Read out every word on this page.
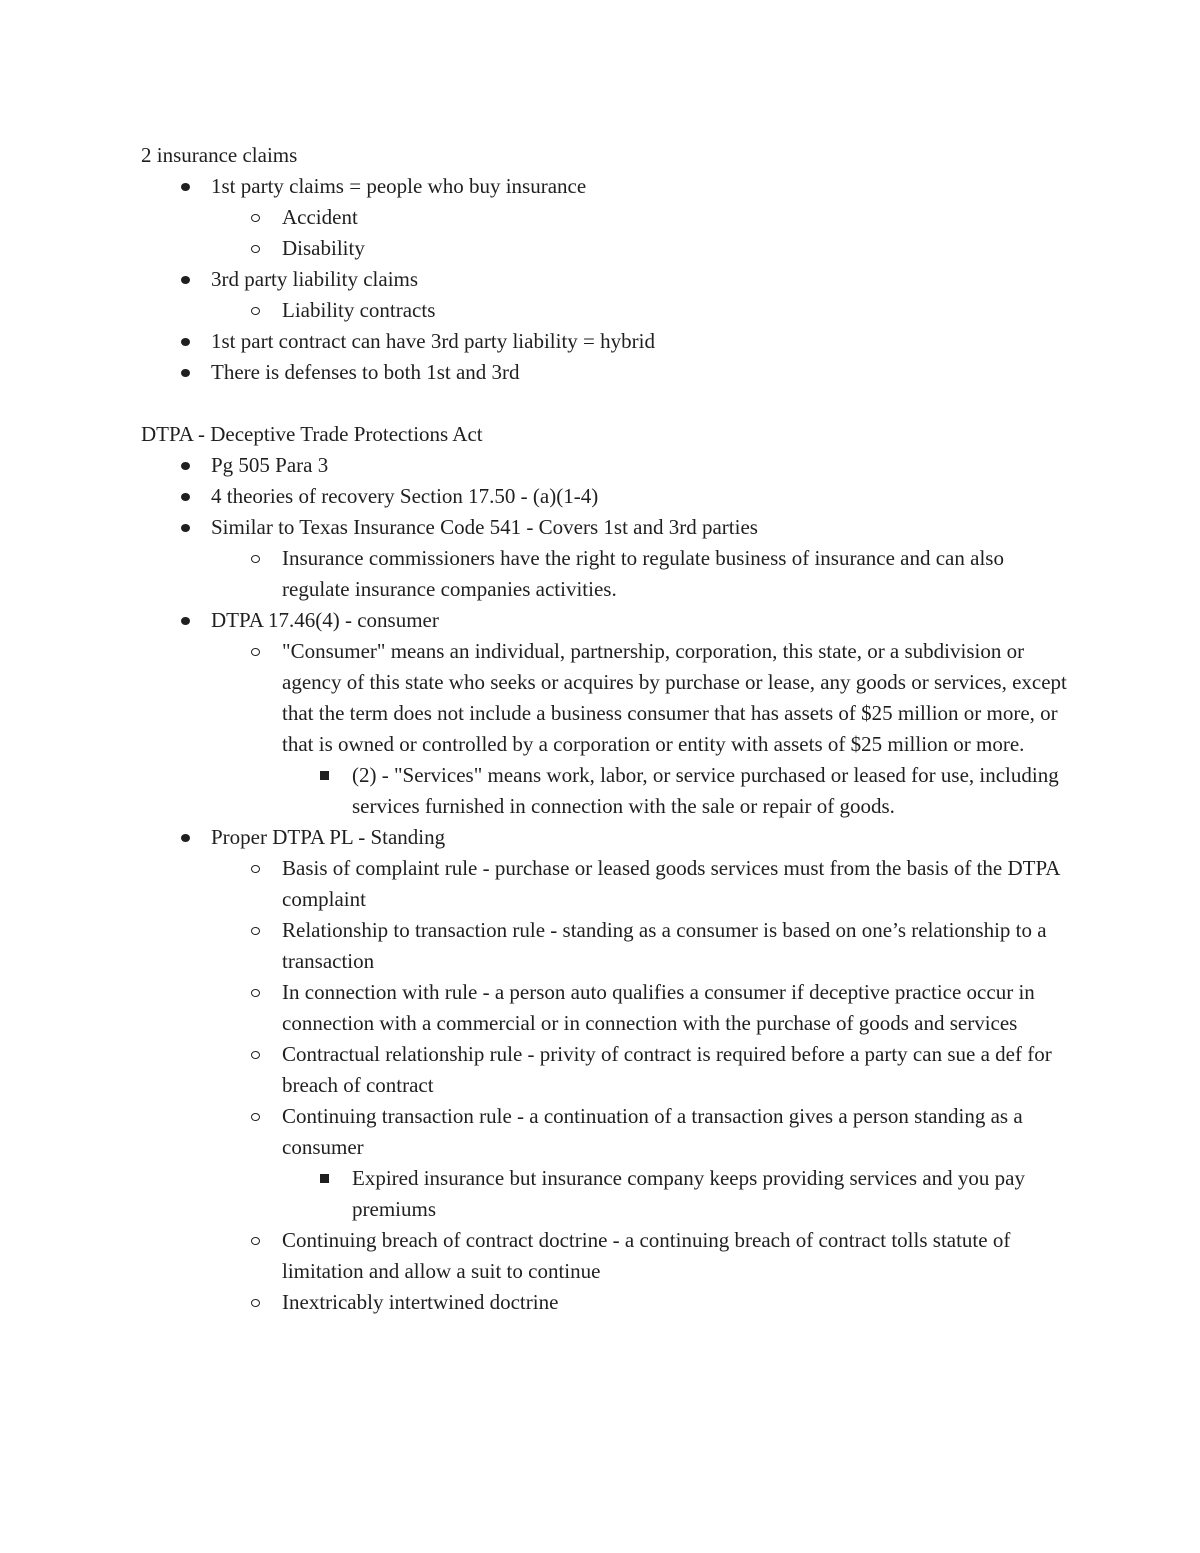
2 insurance claims

1st party claims = people who buy insurance
Accident
Disability
3rd party liability claims
Liability contracts
1st part contract can have 3rd party liability = hybrid
There is defenses to both 1st and 3rd

DTPA - Deceptive Trade Protections Act

Pg 505 Para 3
4 theories of recovery Section 17.50 - (a)(1-4)
Similar to Texas Insurance Code 541 - Covers 1st and 3rd parties
Insurance commissioners have the right to regulate business of insurance and can also regulate insurance companies activities.
DTPA 17.46(4) - consumer
"Consumer" means an individual, partnership, corporation, this state, or a subdivision or agency of this state who seeks or acquires by purchase or lease, any goods or services, except that the term does not include a business consumer that has assets of $25 million or more, or that is owned or controlled by a corporation or entity with assets of $25 million or more.
(2) - "Services" means work, labor, or service purchased or leased for use, including services furnished in connection with the sale or repair of goods.
Proper DTPA PL - Standing
Basis of complaint rule - purchase or leased goods services must from the basis of the DTPA complaint
Relationship to transaction rule - standing as a consumer is based on one’s relationship to a transaction
In connection with rule - a person auto qualifies a consumer if deceptive practice occur in connection with a commercial or in connection with the purchase of goods and services
Contractual relationship rule - privity of contract is required before a party can sue a def for breach of contract
Continuing transaction rule - a continuation of a transaction gives a person standing as a consumer
Expired insurance but insurance company keeps providing services and you pay premiums
Continuing breach of contract doctrine - a continuing breach of contract tolls statute of limitation and allow a suit to continue
Inextricably intertwined doctrine
